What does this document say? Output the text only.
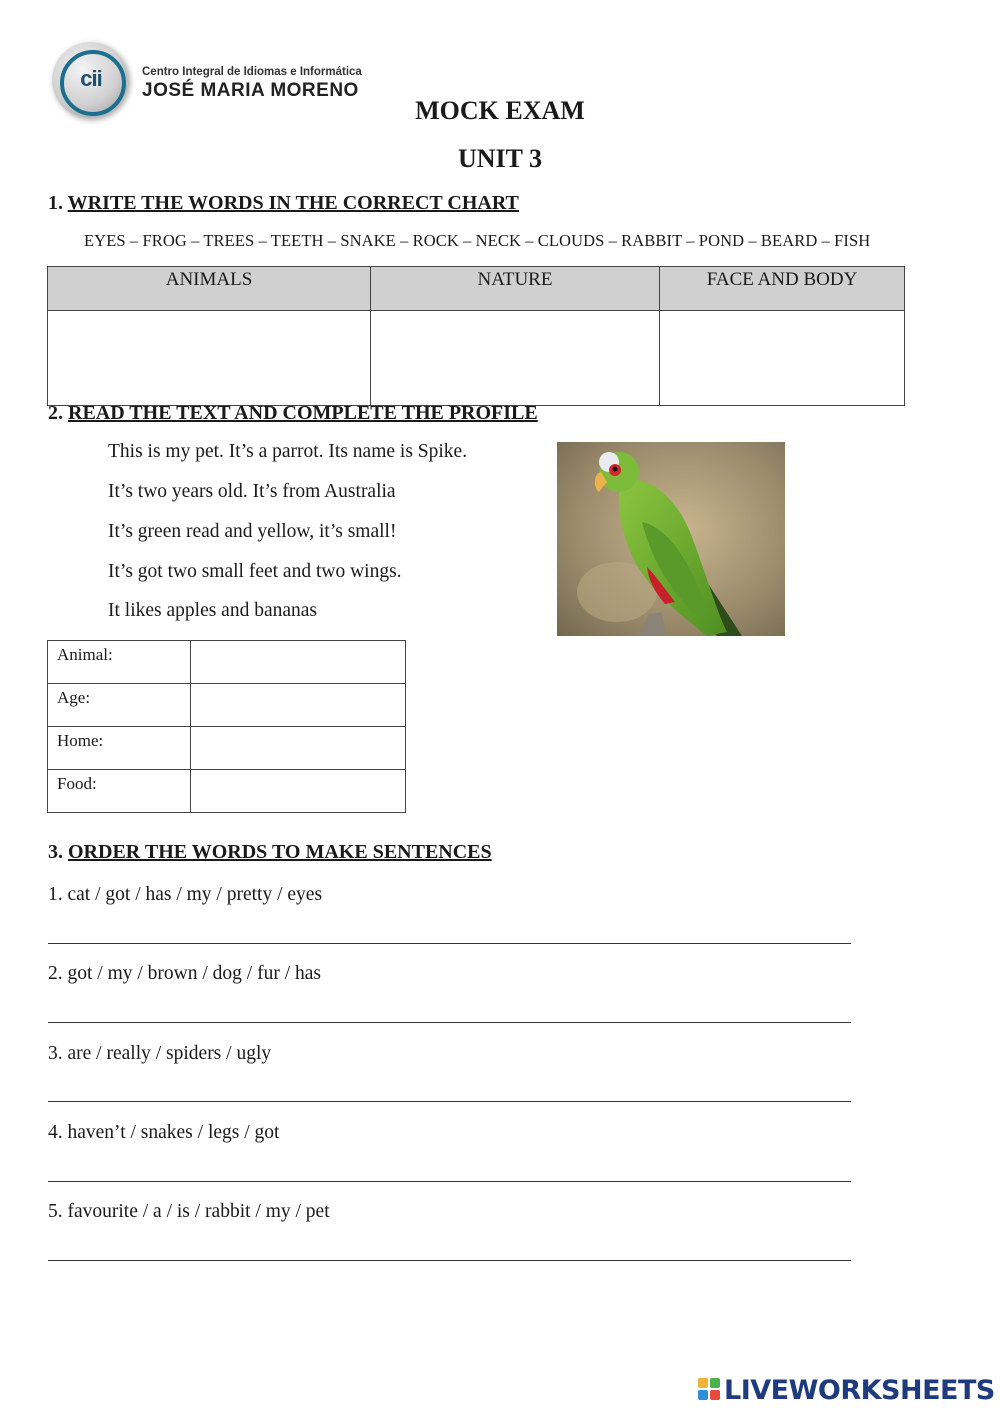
cii	Centro Integral de Idiomas e Informática
JOSÉ MARIA MORENO
MOCK EXAM
UNIT 3
1. WRITE THE WORDS IN THE CORRECT CHART
EYES – FROG – TREES – TEETH – SNAKE – ROCK – NECK – CLOUDS – RABBIT – POND – BEARD – FISH
ANIMALS	NATURE	FACE AND BODY

2. READ THE TEXT AND COMPLETE THE PROFILE
This is my pet. It’s a parrot. Its name is Spike.
It’s two years old. It’s from Australia
It’s green read and yellow, it’s small!
It’s got two small feet and two wings.
It likes apples and bananas
Animal:	
Age:	
Home:	
Food:	
3. ORDER THE WORDS TO MAKE SENTENCES
1. cat / got / has / my / pretty / eyes
2. got / my / brown / dog / fur / has
3. are / really / spiders / ugly
4. haven’t / snakes / legs / got
5. favourite / a / is / rabbit / my / pet
LIVEWORKSHEETS
